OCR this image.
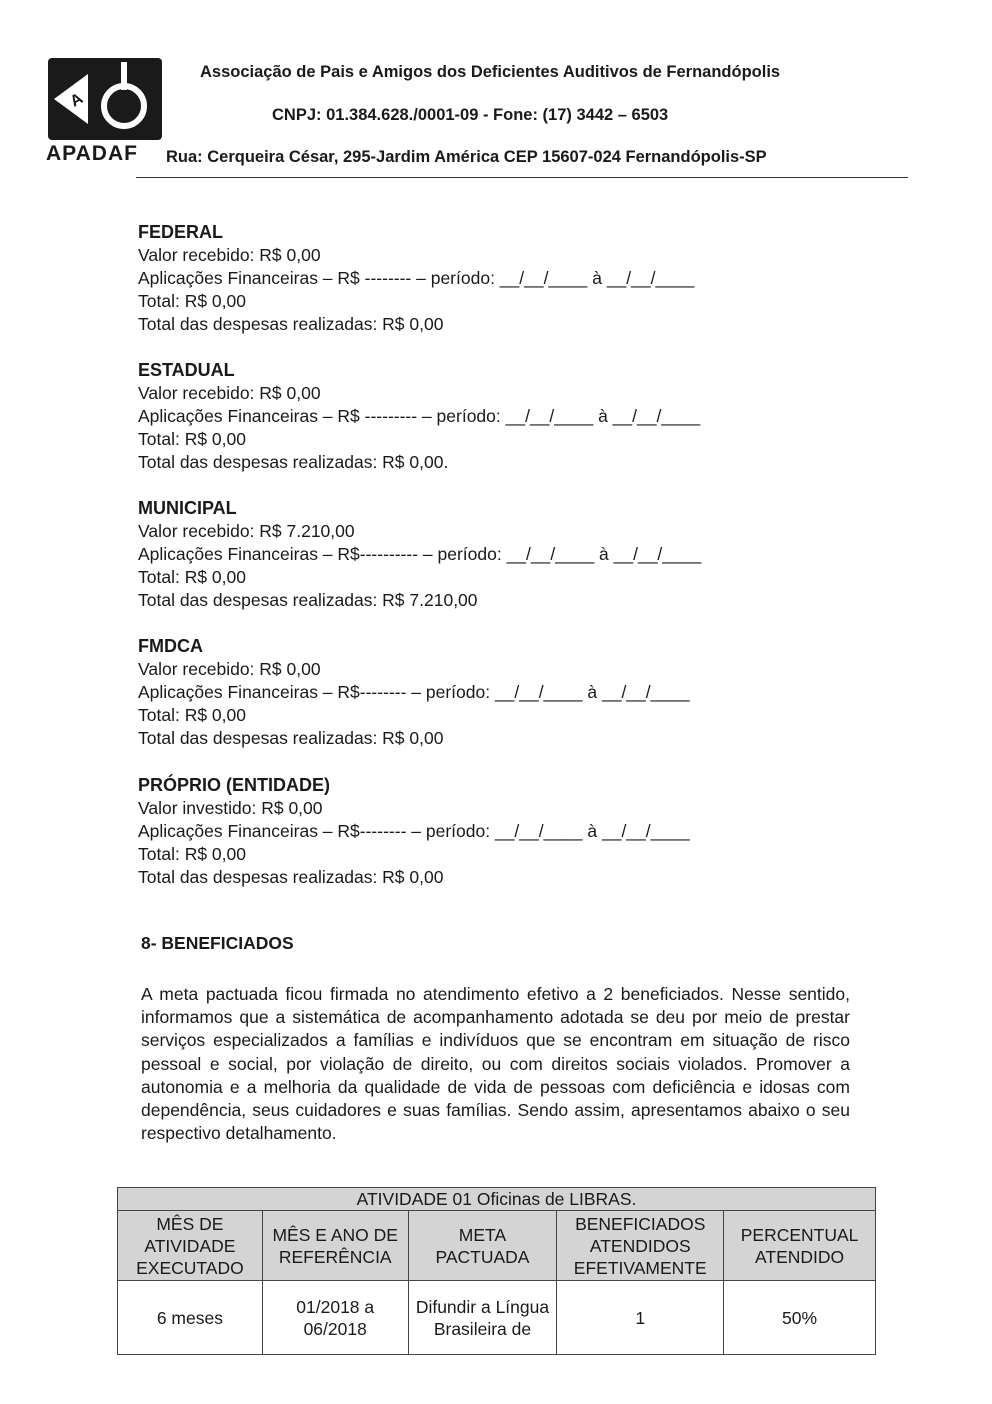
A
APADAF
Associação de Pais e Amigos dos Deficientes Auditivos de Fernandópolis
CNPJ: 01.384.628./0001-09 - Fone: (17) 3442 – 6503
Rua: Cerqueira César, 295-Jardim América CEP 15607-024 Fernandópolis-SP
FEDERAL
Valor recebido: R$ 0,00
Aplicações Financeiras – R$ -------- – período: __/__/____ à __/__/____
Total: R$ 0,00
Total das despesas realizadas: R$ 0,00
ESTADUAL
Valor recebido: R$ 0,00
Aplicações Financeiras – R$ --------- – período: __/__/____ à __/__/____
Total: R$ 0,00
Total das despesas realizadas: R$ 0,00.
MUNICIPAL
Valor recebido: R$ 7.210,00
Aplicações Financeiras – R$---------- – período: __/__/____ à __/__/____
Total: R$ 0,00
Total das despesas realizadas: R$ 7.210,00
FMDCA
Valor recebido: R$ 0,00
Aplicações Financeiras – R$-------- – período: __/__/____ à __/__/____
Total: R$ 0,00
Total das despesas realizadas: R$ 0,00
PRÓPRIO (ENTIDADE)
Valor investido: R$ 0,00
Aplicações Financeiras – R$-------- – período: __/__/____ à __/__/____
Total: R$ 0,00
Total das despesas realizadas: R$ 0,00
8- BENEFICIADOS
A meta pactuada ficou firmada no atendimento efetivo a 2 beneficiados. Nesse sentido, informamos que a sistemática de acompanhamento adotada se deu por meio de prestar serviços especializados a famílias e indivíduos que se encontram em situação de risco pessoal e social, por violação de direito, ou com direitos sociais violados. Promover a autonomia e a melhoria da qualidade de vida de pessoas com deficiência e idosas com dependência, seus cuidadores e suas famílias. Sendo assim, apresentamos abaixo o seu respectivo detalhamento.
ATIVIDADE 01 Oficinas de LIBRAS.				
MÊS DE ATIVIDADE EXECUTADO	MÊS E ANO DE REFERÊNCIA	META PACTUADA	BENEFICIADOS ATENDIDOS EFETIVAMENTE	PERCENTUAL ATENDIDO
6 meses	01/2018 a 06/2018	Difundir a Língua Brasileira de	1	50%
